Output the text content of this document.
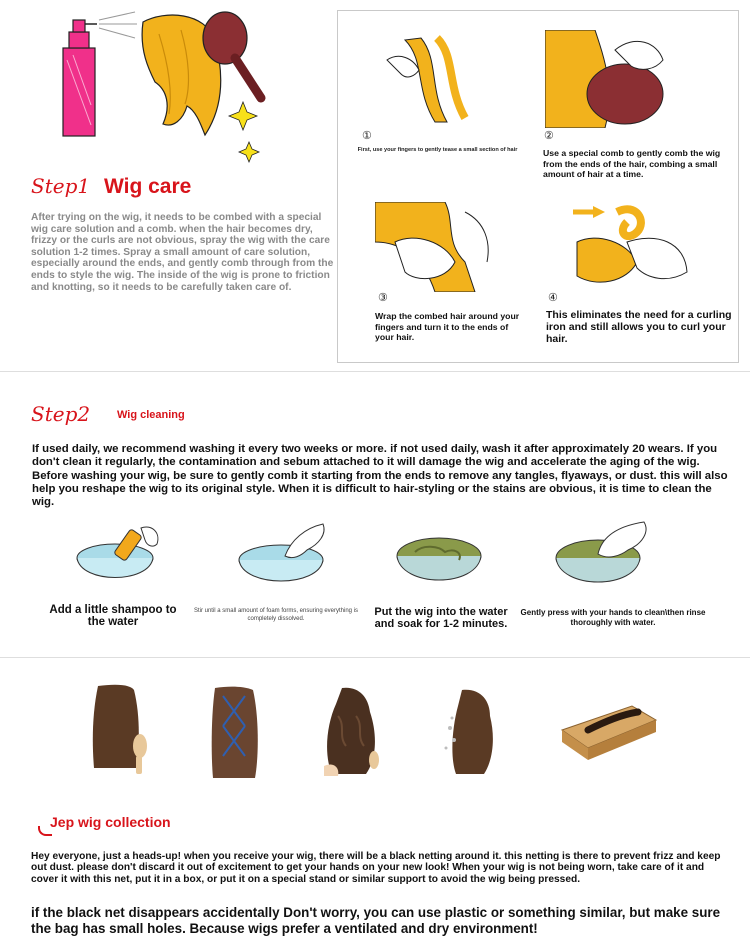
Step1 Wig care
After trying on the wig, it needs to be combed with a special wig care solution and a comb. when the hair becomes dry, frizzy or the curls are not obvious, spray the wig with the care solution 1-2 times. Spray a small amount of care solution, especially around the ends, and gently comb through from the ends to style the wig. The inside of the wig is prone to friction and knotting, so it needs to be carefully taken care of.
①
First, use your fingers to gently tease a small section of hair
②
Use a special comb to gently comb the wig from the ends of the hair, combing a small amount of hair at a time.
③
Wrap the combed hair around your fingers and turn it to the ends of your hair.
④
This eliminates the need for a curling iron and still allows you to curl your hair.
Step2 Wig cleaning
If used daily, we recommend washing it every two weeks or more. if not used daily, wash it after approximately 20 wears. If you don't clean it regularly, the contamination and sebum attached to it will damage the wig and accelerate the aging of the wig. Before washing your wig, be sure to gently comb it starting from the ends to remove any tangles, flyaways, or dust. this will also help you reshape the wig to its original style. When it is difficult to hair-styling or the stains are obvious, it is time to clean the wig.
Add a little shampoo to the water
Stir until a small amount of foam forms, ensuring everything is completely dissolved.
Put the wig into the water and soak for 1-2 minutes.
Gently press with your hands to clean\then rinse thoroughly with water.
Jep wig collection
Hey everyone, just a heads-up! when you receive your wig, there will be a black netting around it. this netting is there to prevent frizz and keep out dust. please don't discard it out of excitement to get your hands on your new look! When your wig is not being worn, take care of it and cover it with this net, put it in a box, or put it on a special stand or similar support to avoid the wig being pressed.
if the black net disappears accidentally Don't worry, you can use plastic or something similar, but make sure the bag has small holes. Because wigs prefer a ventilated and dry environment!
